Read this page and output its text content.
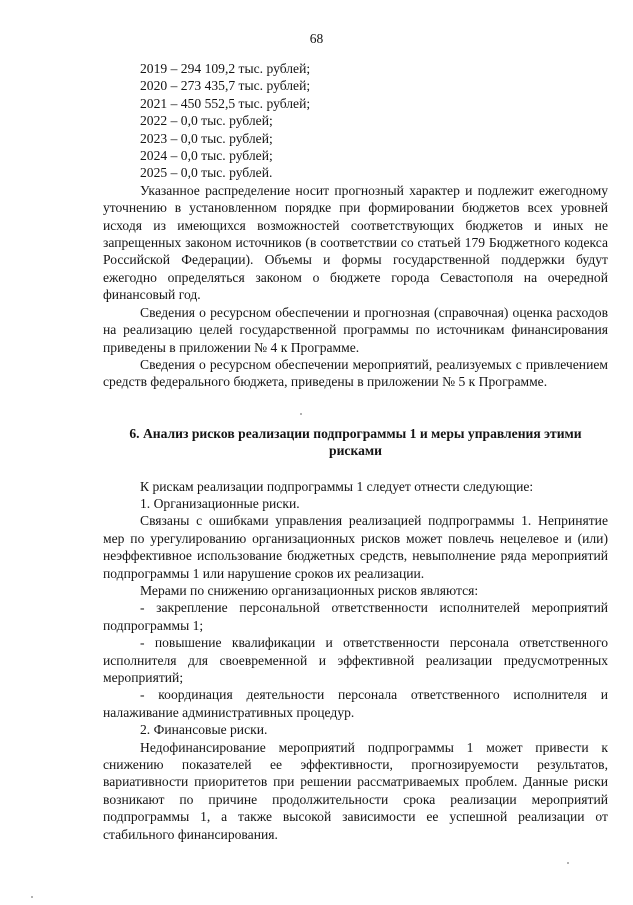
68
2019 – 294 109,2 тыс. рублей;
2020 – 273 435,7 тыс. рублей;
2021 – 450 552,5 тыс. рублей;
2022 – 0,0 тыс. рублей;
2023 – 0,0 тыс. рублей;
2024 – 0,0 тыс. рублей;
2025 – 0,0 тыс. рублей.

Указанное распределение носит прогнозный характер и подлежит ежегодному уточнению в установленном порядке при формировании бюджетов всех уровней исходя из имеющихся возможностей соответствующих бюджетов и иных не запрещенных законом источников (в соответствии со статьей 179 Бюджетного кодекса Российской Федерации). Объемы и формы государственной поддержки будут ежегодно определяться законом о бюджете города Севастополя на очередной финансовый год.

Сведения о ресурсном обеспечении и прогнозная (справочная) оценка расходов на реализацию целей государственной программы по источникам финансирования приведены в приложении № 4 к Программе.

Сведения о ресурсном обеспечении мероприятий, реализуемых с привлечением средств федерального бюджета, приведены в приложении № 5 к Программе.

6. Анализ рисков реализации подпрограммы 1 и меры управления этими рисками
К рискам реализации подпрограммы 1 следует отнести следующие:
1. Организационные риски.

Связаны с ошибками управления реализацией подпрограммы 1. Непринятие мер по урегулированию организационных рисков может повлечь нецелевое и (или) неэффективное использование бюджетных средств, невыполнение ряда мероприятий подпрограммы 1 или нарушение сроков их реализации.

Мерами по снижению организационных рисков являются:

- закрепление персональной ответственности исполнителей мероприятий подпрограммы 1;

- повышение квалификации и ответственности персонала ответственного исполнителя для своевременной и эффективной реализации предусмотренных мероприятий;

- координация деятельности персонала ответственного исполнителя и налаживание административных процедур.

2. Финансовые риски.

Недофинансирование мероприятий подпрограммы 1 может привести к снижению показателей ее эффективности, прогнозируемости результатов, вариативности приоритетов при решении рассматриваемых проблем. Данные риски возникают по причине продолжительности срока реализации мероприятий подпрограммы 1, а также высокой зависимости ее успешной реализации от стабильного финансирования.
